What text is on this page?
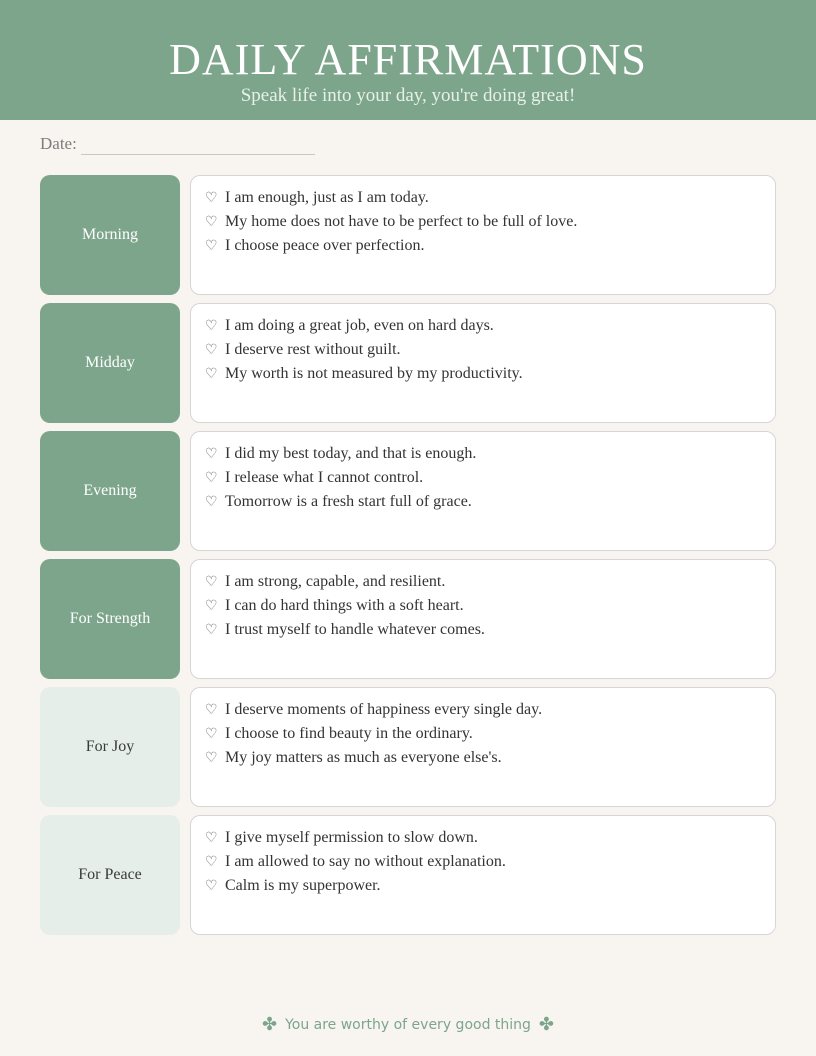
DAILY AFFIRMATIONS
Speak life into your day, you're doing great!
Date:
Morning
♡ I am enough, just as I am today.
♡ My home does not have to be perfect to be full of love.
♡ I choose peace over perfection.
Midday
♡ I am doing a great job, even on hard days.
♡ I deserve rest without guilt.
♡ My worth is not measured by my productivity.
Evening
♡ I did my best today, and that is enough.
♡ I release what I cannot control.
♡ Tomorrow is a fresh start full of grace.
For Strength
♡ I am strong, capable, and resilient.
♡ I can do hard things with a soft heart.
♡ I trust myself to handle whatever comes.
For Joy
♡ I deserve moments of happiness every single day.
♡ I choose to find beauty in the ordinary.
♡ My joy matters as much as everyone else's.
For Peace
♡ I give myself permission to slow down.
♡ I am allowed to say no without explanation.
♡ Calm is my superpower.
✤ You are worthy of every good thing ✤
